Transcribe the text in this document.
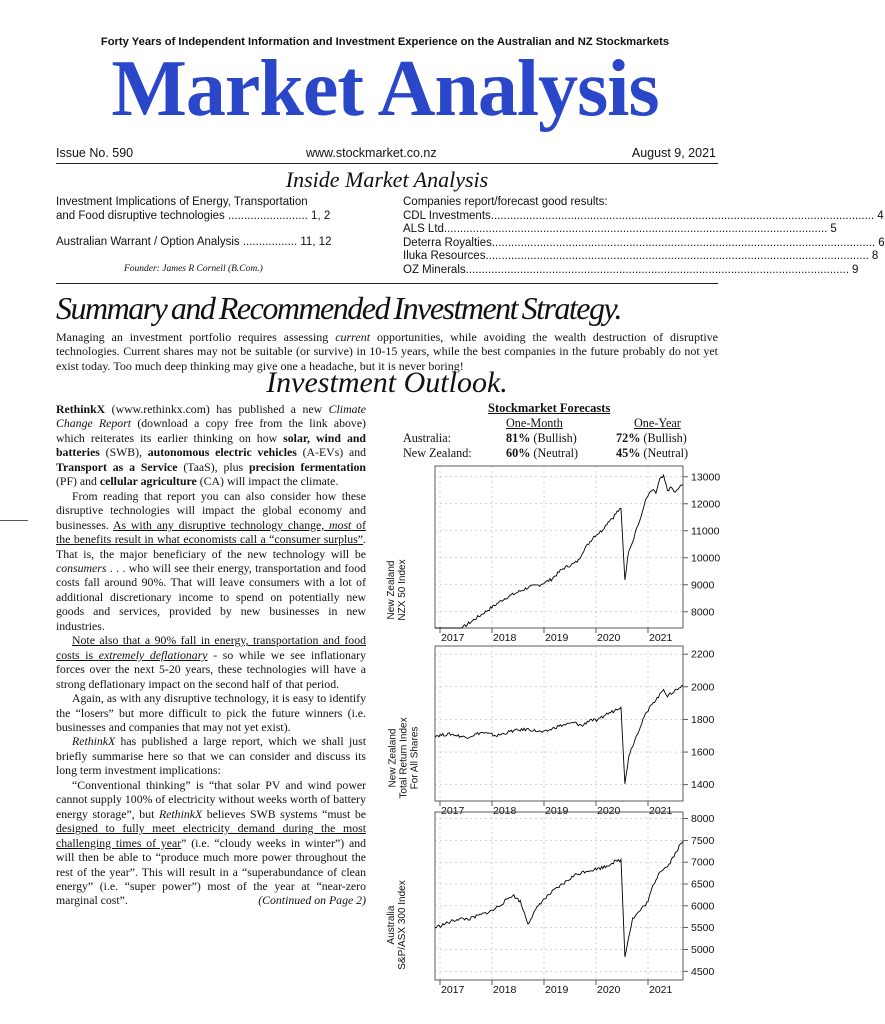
Forty Years of Independent Information and Investment Experience on the Australian and NZ Stockmarkets
Market Analysis
Issue No. 590	www.stockmarket.co.nz	August 9, 2021
Inside Market Analysis
Investment Implications of Energy, Transportation
and Food disruptive technologies ......................... 1, 2
Australian Warrant / Option Analysis ................. 11, 12
Founder: James R Cornell (B.Com.)
Companies report/forecast good results:
CDL Investments ........................................................................................................................ 4
ALS Ltd ........................................................................................................................ 5
Deterra Royalties ........................................................................................................................ 6
Iluka Resources ........................................................................................................................ 8
OZ Minerals ........................................................................................................................ 9
Summary and Recommended Investment Strategy.
Managing an investment portfolio requires assessing current opportunities, while avoiding the wealth destruction of disruptive technologies. Current shares may not be suitable (or survive) in 10-15 years, while the best companies in the future probably do not yet exist today. Too much deep thinking may give one a headache, but it is never boring!
Investment Outlook.

RethinkX (www.rethinkx.com) has published a new Climate Change Report (download a copy free from the link above) which reiterates its earlier thinking on how solar, wind and batteries (SWB), autonomous electric vehicles (A-EVs) and Transport as a Service (TaaS), plus precision fermentation (PF) and cellular agriculture (CA) will impact the climate.

From reading that report you can also consider how these disruptive technologies will impact the global economy and businesses. As with any disruptive technology change, most of the benefits result in what economists call a “consumer surplus”. That is, the major beneficiary of the new technology will be consumers . . . who will see their energy, transportation and food costs fall around 90%. That will leave consumers with a lot of additional discretionary income to spend on potentially new goods and services, provided by new businesses in new industries.

Note also that a 90% fall in energy, transportation and food costs is extremely deflationary - so while we see inflationary forces over the next 5-20 years, these technologies will have a strong deflationary impact on the second half of that period.

Again, as with any disruptive technology, it is easy to identify the “losers” but more difficult to pick the future winners (i.e. businesses and companies that may not yet exist).

RethinkX has published a large report, which we shall just briefly summarise here so that we can consider and discuss its long term investment implications:

“Conventional thinking” is “that solar PV and wind power cannot supply 100% of electricity without weeks worth of battery energy storage”, but RethinkX believes SWB systems “must be designed to fully meet electricity demand during the most challenging times of year” (i.e. “cloudy weeks in winter”) and will then be able to “produce much more power throughout the rest of the year”. This will result in a “superabundance of clean energy” (i.e. “super power”) most of the year at “near-zero marginal cost”.	(Continued on Page 2)

Stockmarket Forecasts
One-Month	One-Year
Australia:	81% (Bullish)	72% (Bullish)
New Zealand:	60% (Neutral)	45% (Neutral)
13000
12000
11000
10000
9000
8000
2017	2018	2019	2020	2021
2200
2000
1800
1600
1400
2017	2018	2019	2020	2021
8000
7500
7000
6500
6000
5500
5000
4500
2017	2018	2019	2020	2021
New Zealand NZX 50 Index
New Zealand Total Return Index For All Shares
Australia S&P/ASX 300 Index
